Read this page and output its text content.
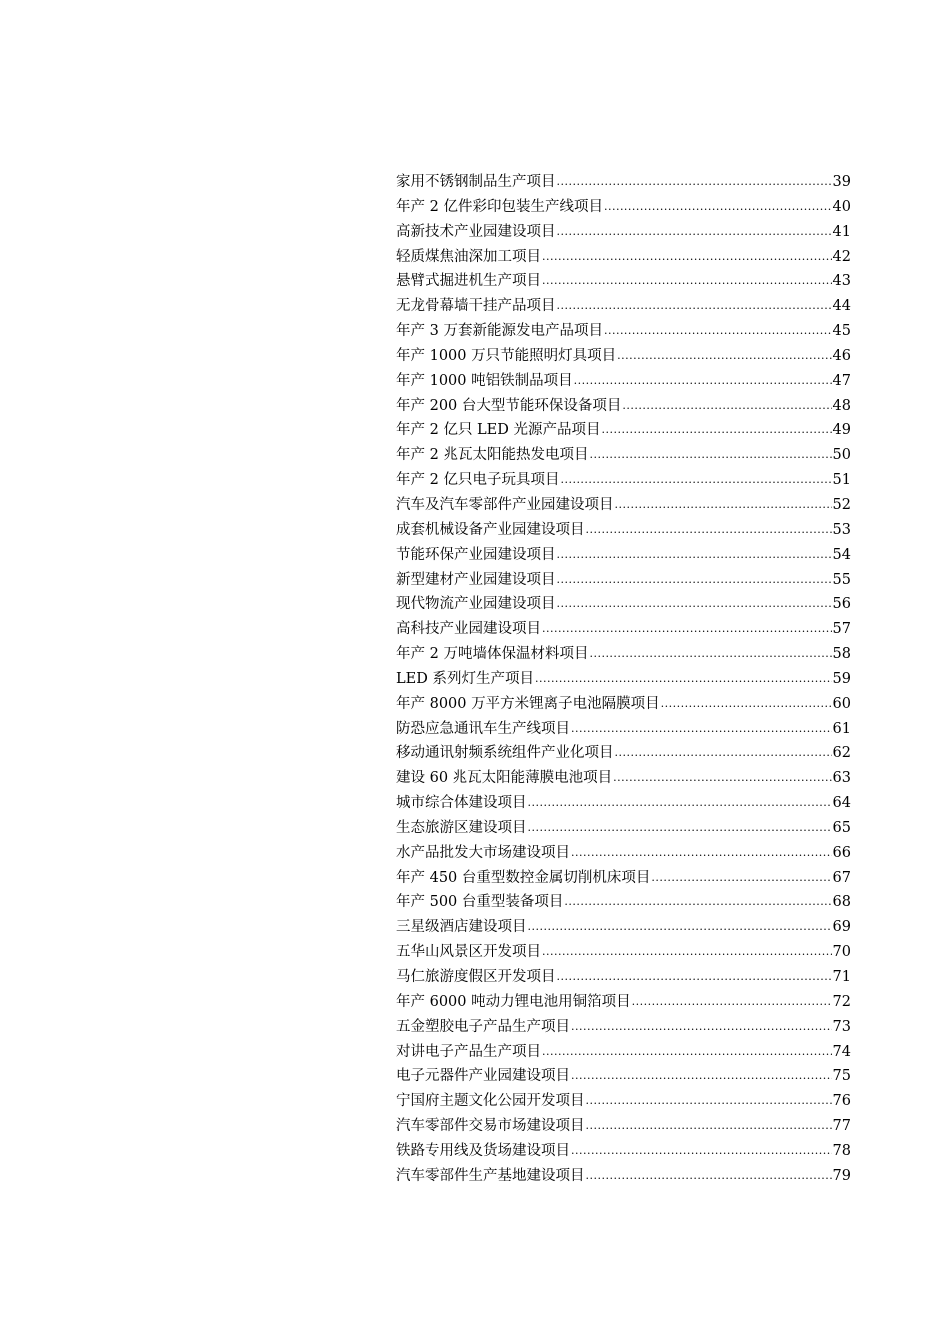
家用不锈钢制品生产项目 .....	39
年产 2 亿件彩印包装生产线项目 .....	40
高新技术产业园建设项目 .....	41
轻质煤焦油深加工项目 .....	42
悬臂式掘进机生产项目 .....	43
无龙骨幕墙干挂产品项目 .....	44
年产 3 万套新能源发电产品项目 .....	45
年产 1000 万只节能照明灯具项目 .....	46
年产 1000 吨铝铁制品项目 .....	47
年产 200 台大型节能环保设备项目 .....	48
年产 2 亿只 LED 光源产品项目 .....	49
年产 2 兆瓦太阳能热发电项目 .....	50
年产 2 亿只电子玩具项目 .....	51
汽车及汽车零部件产业园建设项目 .....	52
成套机械设备产业园建设项目 .....	53
节能环保产业园建设项目 .....	54
新型建材产业园建设项目 .....	55
现代物流产业园建设项目 .....	56
高科技产业园建设项目 .....	57
年产 2 万吨墙体保温材料项目 .....	58
LED 系列灯生产项目 .....	59
年产 8000 万平方米锂离子电池隔膜项目 .....	60
防恐应急通讯车生产线项目 .....	61
移动通讯射频系统组件产业化项目 .....	62
建设 60 兆瓦太阳能薄膜电池项目 .....	63
城市综合体建设项目 .....	64
生态旅游区建设项目 .....	65
水产品批发大市场建设项目 .....	66
年产 450 台重型数控金属切削机床项目 .....	67
年产 500 台重型装备项目 .....	68
三星级酒店建设项目 .....	69
五华山风景区开发项目 .....	70
马仁旅游度假区开发项目 .....	71
年产 6000 吨动力锂电池用铜箔项目 .....	72
五金塑胶电子产品生产项目 .....	73
对讲电子产品生产项目 .....	74
电子元器件产业园建设项目 .....	75
宁国府主题文化公园开发项目 .....	76
汽车零部件交易市场建设项目 .....	77
铁路专用线及货场建设项目 .....	78
汽车零部件生产基地建设项目 .....	79
